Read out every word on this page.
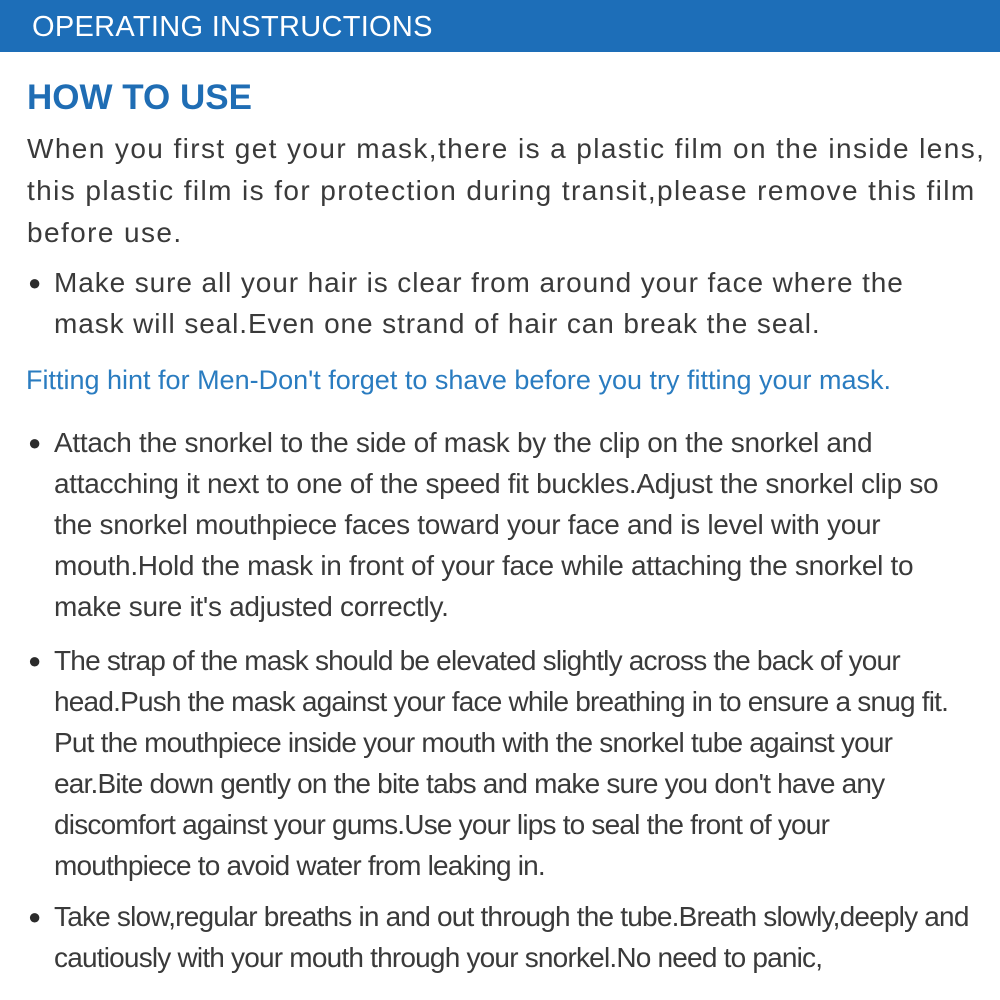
OPERATING INSTRUCTIONS
HOW TO USE
When you first get your mask,there is a plastic film on the inside lens, this plastic film is for protection during transit,please remove this film before use.
● Make sure all your hair is clear from around your face where the mask will seal.Even one strand of hair can break the seal.
Fitting hint for Men-Don't forget to shave before you try fitting your mask.
● Attach the snorkel to the side of mask by the clip on the snorkel and attacching it next to one of the speed fit buckles.Adjust the snorkel clip so the snorkel mouthpiece faces toward your face and is level with your mouth.Hold the mask in front of your face while attaching the snorkel to make sure it's adjusted correctly.
● The strap of the mask should be elevated slightly across the back of your head.Push the mask against your face while breathing in to ensure a snug fit. Put the mouthpiece inside your mouth with the snorkel tube against your ear.Bite down gently on the bite tabs and make sure you don't have any discomfort against your gums.Use your lips to seal the front of your mouthpiece to avoid water from leaking in.
● Take slow,regular breaths in and out through the tube.Breath slowly,deeply and cautiously with your mouth through your snorkel.No need to panic,
